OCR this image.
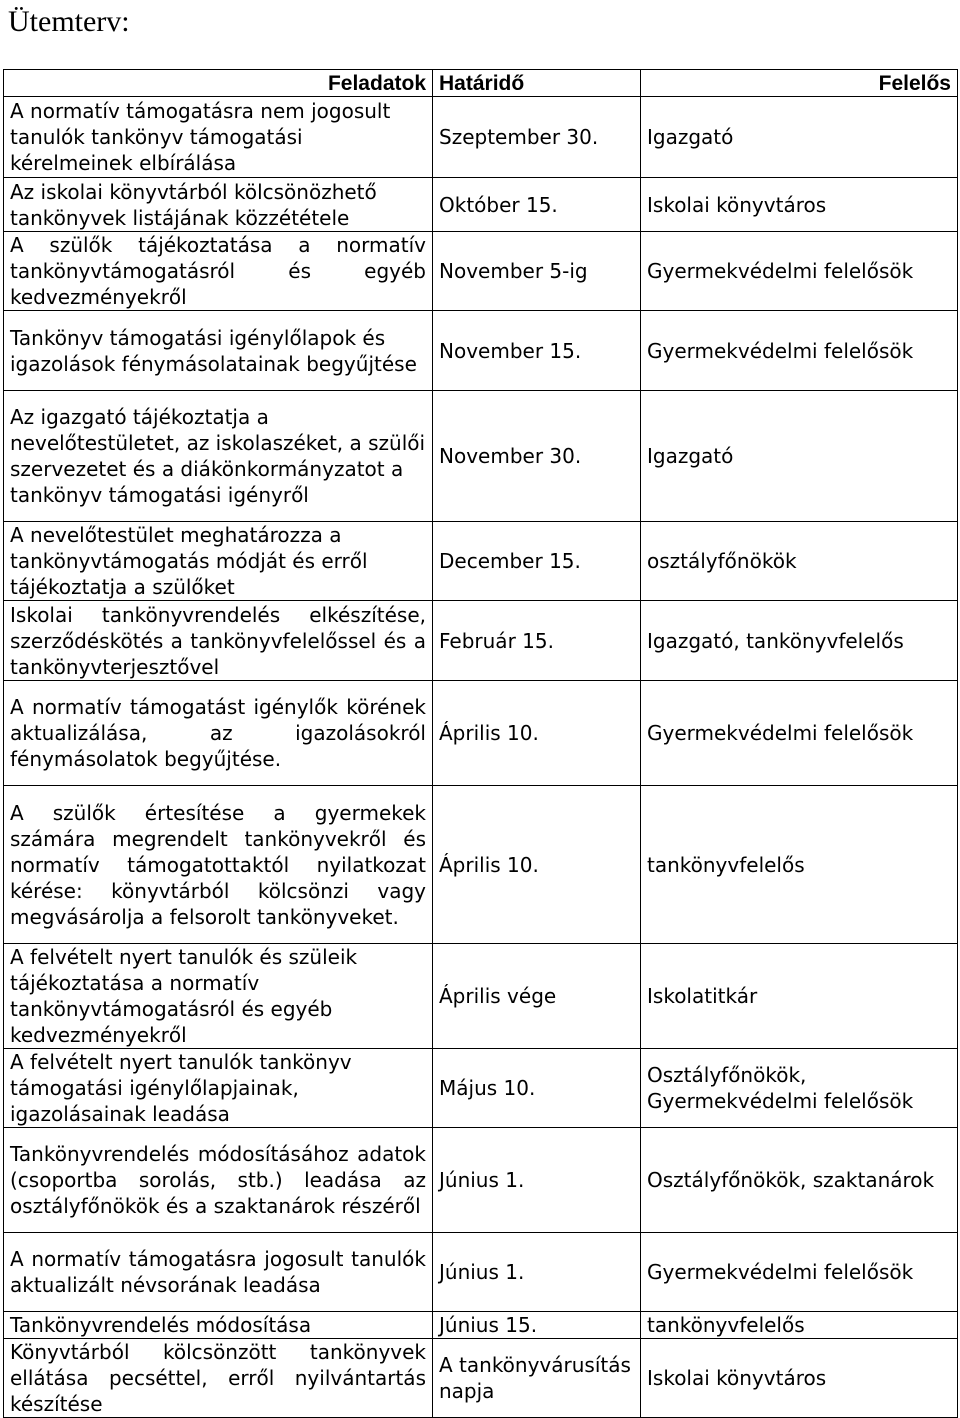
Ütemterv:
Feladatok	Határidő	Felelős
A normatív támogatásra nem jogosult tanulók tankönyv támogatási kérelmeinek elbírálása	Szeptember 30.	Igazgató
Az iskolai könyvtárból kölcsönözhető tankönyvek listájának közzététele	Október 15.	Iskolai könyvtáros
A szülők tájékoztatása a normatív tankönyvtámogatásról és egyéb kedvezményekről	November 5-ig	Gyermekvédelmi felelősök
Tankönyv támogatási igénylőlapok és igazolások fénymásolatainak begyűjtése	November 15.	Gyermekvédelmi felelősök
Az igazgató tájékoztatja a nevelőtestületet, az iskolaszéket, a szülői szervezetet és a diákönkormányzatot a tankönyv támogatási igényről	November 30.	Igazgató
A nevelőtestület meghatározza a tankönyvtámogatás módját és erről tájékoztatja a szülőket	December 15.	osztályfőnökök
Iskolai tankönyvrendelés elkészítése, szerződéskötés a tankönyvfelelőssel és a tankönyvterjesztővel	Február 15.	Igazgató, tankönyvfelelős
A normatív támogatást igénylők körének aktualizálása, az igazolásokról fénymásolatok begyűjtése.	Április 10.	Gyermekvédelmi felelősök
A szülők értesítése a gyermekek számára megrendelt tankönyvekről és normatív támogatottaktól nyilatkozat kérése: könyvtárból kölcsönzi vagy megvásárolja a felsorolt tankönyveket.	Április 10.	tankönyvfelelős
A felvételt nyert tanulók és szüleik tájékoztatása a normatív tankönyvtámogatásról és egyéb kedvezményekről	Április vége	Iskolatitkár
A felvételt nyert tanulók tankönyv támogatási igénylőlapjainak, igazolásainak leadása	Május 10.	Osztályfőnökök, Gyermekvédelmi felelősök
Tankönyvrendelés módosításához adatok (csoportba sorolás, stb.) leadása az osztályfőnökök és a szaktanárok részéről	Június 1.	Osztályfőnökök, szaktanárok
A normatív támogatásra jogosult tanulók aktualizált névsorának leadása	Június 1.	Gyermekvédelmi felelősök
Tankönyvrendelés módosítása	Június 15.	tankönyvfelelős
Könyvtárból kölcsönzött tankönyvek ellátása pecséttel, erről nyilvántartás készítése	A tankönyvárusítás napja	Iskolai könyvtáros
